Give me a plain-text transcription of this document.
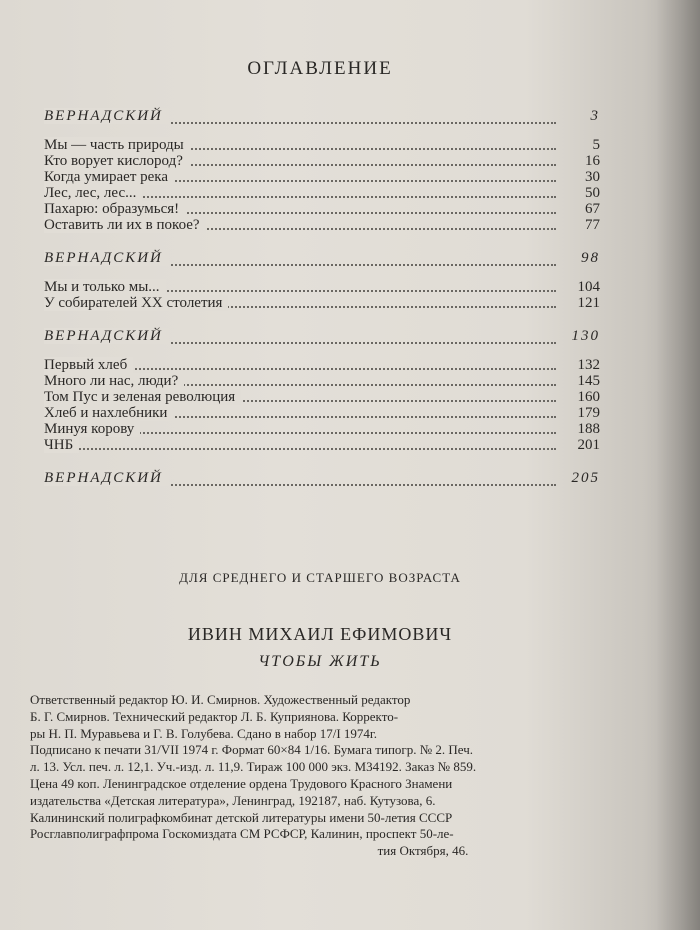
ОГЛАВЛЕНИЕ
ВЕРНАДСКИЙ	3
Мы — часть природы	5
Кто ворует кислород?	16
Когда умирает река	30
Лес, лес, лес...	50
Пахарю: образумься!	67
Оставить ли их в покое?	77
ВЕРНАДСКИЙ	98
Мы и только мы...	104
У собирателей XX столетия	121
ВЕРНАДСКИЙ	130
Первый хлеб	132
Много ли нас, люди?	145
Том Пус и зеленая революция	160
Хлеб и нахлебники	179
Минуя корову	188
ЧНБ	201
ВЕРНАДСКИЙ	205
ДЛЯ СРЕДНЕГО И СТАРШЕГО ВОЗРАСТА
ИВИН МИХАИЛ ЕФИМОВИЧ
ЧТОБЫ ЖИТЬ
Ответственный редактор Ю. И. Смирнов. Художественный редактор
Б. Г. Смирнов. Технический редактор Л. Б. Куприянова. Корректо-
ры Н. П. Муравьева и Г. В. Голубева. Сдано в набор 17/I 1974г.
Подписано к печати 31/VII 1974 г. Формат 60×84 1/16. Бумага типогр. № 2. Печ.
л. 13. Усл. печ. л. 12,1. Уч.-изд. л. 11,9. Тираж 100 000 экз. М34192. Заказ № 859.
Цена 49 коп. Ленинградское отделение ордена Трудового Красного Знамени
издательства «Детская литература», Ленинград, 192187, наб. Кутузова, 6.
Калининский полиграфкомбинат детской литературы имени 50-летия СССР
Росглавполиграфпрома Госкомиздата СМ РСФСР, Калинин, проспект 50-ле-
тия Октября, 46.
